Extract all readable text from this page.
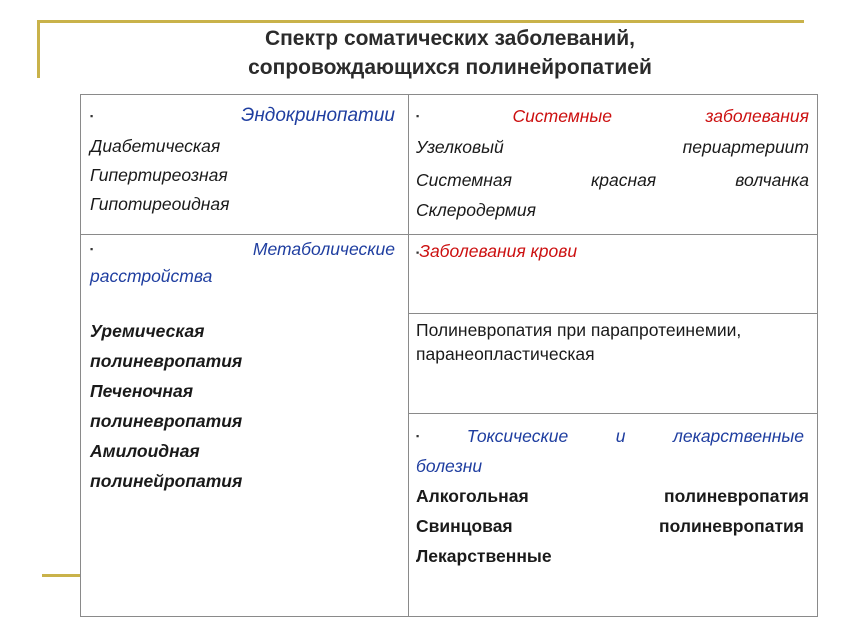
Спектр соматических заболеваний,
сопровождающихся полинейропатией
▪	Эндокринопатии
Диабетическая
Гипертиреозная
Гипотиреоидная
▪	Системные	заболевания
Узелковый	периартериит
Системная	красная	волчанка
Склеродермия
▪	Метаболические
расстройства
Уремическая
полиневропатия
Печеночная
полиневропатия
Амилоидная
полинейропатия
▪Заболевания крови
Полиневропатия при парапротеинемии,
паранеопластическая
▪	Токсические	и	лекарственные
болезни
Алкогольная	полиневропатия
Свинцовая	полиневропатия
Лекарственные
